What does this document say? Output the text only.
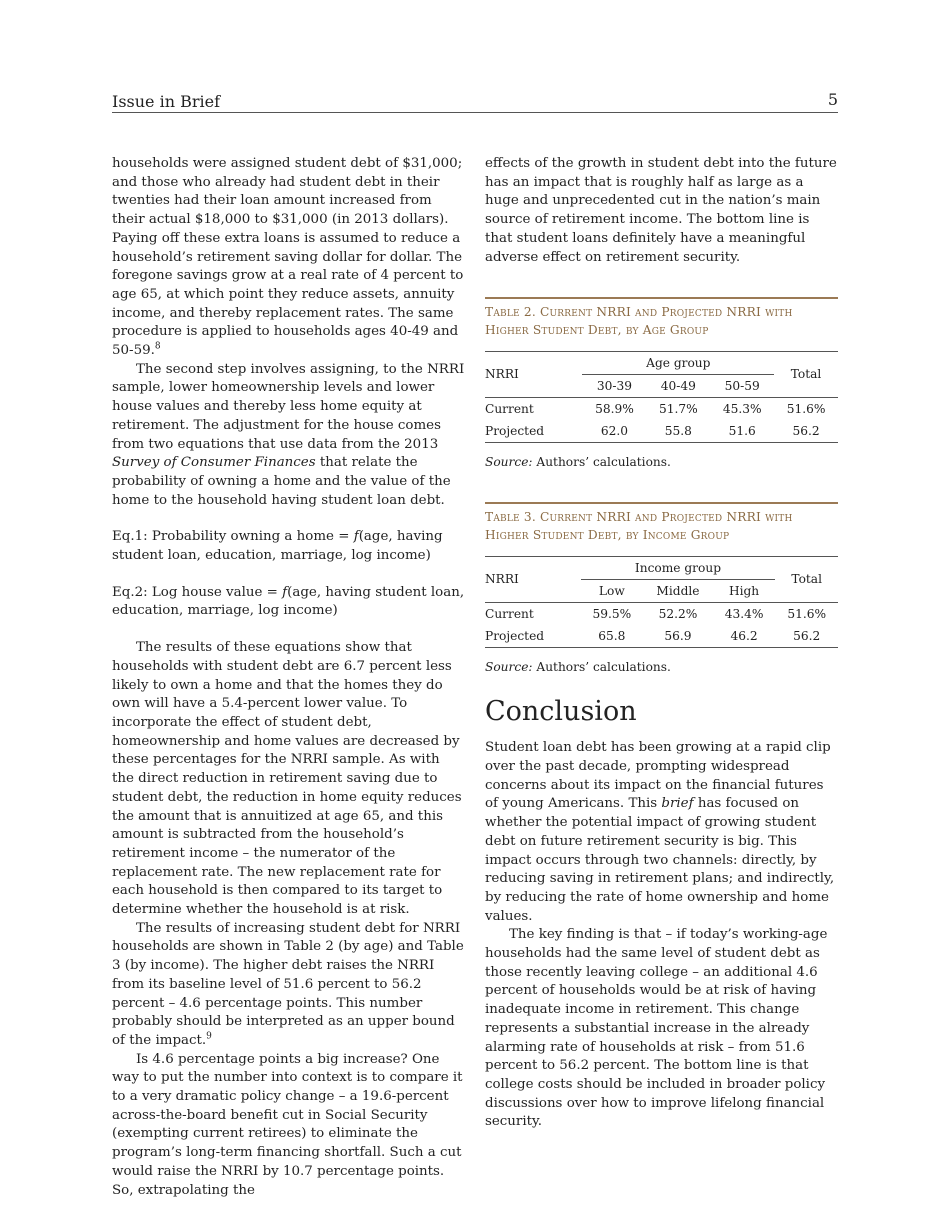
Issue in Brief	5

households were assigned student debt of $31,000; and those who already had student debt in their twenties had their loan amount increased from their actual $18,000 to $31,000 (in 2013 dollars). Paying off these extra loans is assumed to reduce a household’s retirement saving dollar for dollar. The foregone savings grow at a real rate of 4 percent to age 65, at which point they reduce assets, annuity income, and thereby replacement rates. The same procedure is applied to households ages 40-49 and 50-59.$^8$

The second step involves assigning, to the NRRI sample, lower homeownership levels and lower house values and thereby less home equity at retirement. The adjustment for the house comes from two equations that use data from the 2013 Survey of Consumer Finances that relate the probability of owning a home and the value of the home to the household having student loan debt.

Eq.1: Probability owning a home = f(age, having student loan, education, marriage, log income)

Eq.2: Log house value = f(age, having student loan, education, marriage, log income)

The results of these equations show that households with student debt are 6.7 percent less likely to own a home and that the homes they do own will have a 5.4-percent lower value. To incorporate the effect of student debt, homeownership and home values are decreased by these percentages for the NRRI sample. As with the direct reduction in retirement saving due to student debt, the reduction in home equity reduces the amount that is annuitized at age 65, and this amount is subtracted from the household’s retirement income – the numerator of the replacement rate. The new replacement rate for each household is then compared to its target to determine whether the household is at risk.

The results of increasing student debt for NRRI households are shown in Table 2 (by age) and Table 3 (by income). The higher debt raises the NRRI from its baseline level of 51.6 percent to 56.2 percent – 4.6 percentage points. This number probably should be interpreted as an upper bound of the impact.$^9$

Is 4.6 percentage points a big increase? One way to put the number into context is to compare it to a very dramatic policy change – a 19.6-percent across-the-board benefit cut in Social Security (exempting current retirees) to eliminate the program’s long-term financing shortfall. Such a cut would raise the NRRI by 10.7 percentage points. So, extrapolating the

effects of the growth in student debt into the future has an impact that is roughly half as large as a huge and unprecedented cut in the nation’s main source of retirement income. The bottom line is that student loans definitely have a meaningful adverse effect on retirement security.

Table 2. Current NRRI and Projected NRRI with Higher Student Debt, by Age Group
NRRI	Age group			Total
	30-39	40-49	50-59	
Current	58.9%	51.7%	45.3%	51.6%
Projected	62.0	55.8	51.6	56.2

Source: Authors’ calculations.

Table 3. Current NRRI and Projected NRRI with Higher Student Debt, by Income Group
NRRI	Income group			Total
	Low	Middle	High	
Current	59.5%	52.2%	43.4%	51.6%
Projected	65.8	56.9	46.2	56.2

Source: Authors’ calculations.

Conclusion

Student loan debt has been growing at a rapid clip over the past decade, prompting widespread concerns about its impact on the financial futures of young Americans. This brief has focused on whether the potential impact of growing student debt on future retirement security is big. This impact occurs through two channels: directly, by reducing saving in retirement plans; and indirectly, by reducing the rate of home ownership and home values.

The key finding is that – if today’s working-age households had the same level of student debt as those recently leaving college – an additional 4.6 percent of households would be at risk of having inadequate income in retirement. This change represents a substantial increase in the already alarming rate of households at risk – from 51.6 percent to 56.2 percent. The bottom line is that college costs should be included in broader policy discussions over how to improve lifelong financial security.
